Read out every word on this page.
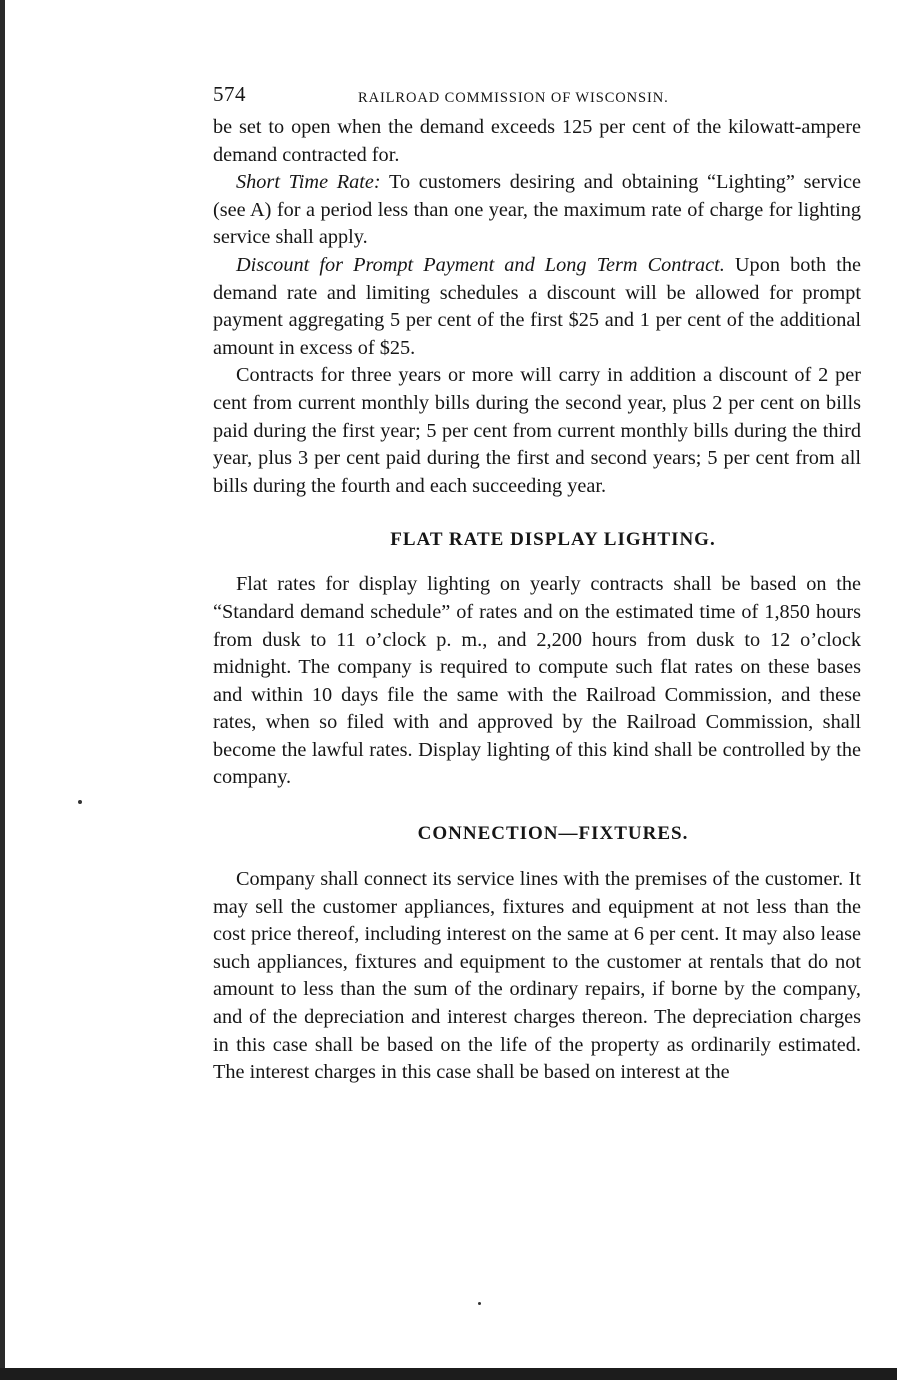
574	RAILROAD COMMISSION OF WISCONSIN.

be set to open when the demand exceeds 125 per cent of the kilowatt-ampere demand contracted for.

Short Time Rate: To customers desiring and obtaining “Lighting” service (see A) for a period less than one year, the maximum rate of charge for lighting service shall apply.

Discount for Prompt Payment and Long Term Contract. Upon both the demand rate and limiting schedules a discount will be allowed for prompt payment aggregating 5 per cent of the first $25 and 1 per cent of the additional amount in excess of $25.

Contracts for three years or more will carry in addition a discount of 2 per cent from current monthly bills during the second year, plus 2 per cent on bills paid during the first year; 5 per cent from current monthly bills during the third year, plus 3 per cent paid during the first and second years; 5 per cent from all bills during the fourth and each succeeding year.

FLAT RATE DISPLAY LIGHTING.

Flat rates for display lighting on yearly contracts shall be based on the “Standard demand schedule” of rates and on the estimated time of 1,850 hours from dusk to 11 o’clock p. m., and 2,200 hours from dusk to 12 o’clock midnight. The company is required to compute such flat rates on these bases and within 10 days file the same with the Railroad Commission, and these rates, when so filed with and approved by the Railroad Commission, shall become the lawful rates. Display lighting of this kind shall be controlled by the company.

CONNECTION—FIXTURES.

Company shall connect its service lines with the premises of the customer. It may sell the customer appliances, fixtures and equipment at not less than the cost price thereof, including interest on the same at 6 per cent. It may also lease such appliances, fixtures and equipment to the customer at rentals that do not amount to less than the sum of the ordinary repairs, if borne by the company, and of the depreciation and interest charges thereon. The depreciation charges in this case shall be based on the life of the property as ordinarily estimated. The interest charges in this case shall be based on interest at the
